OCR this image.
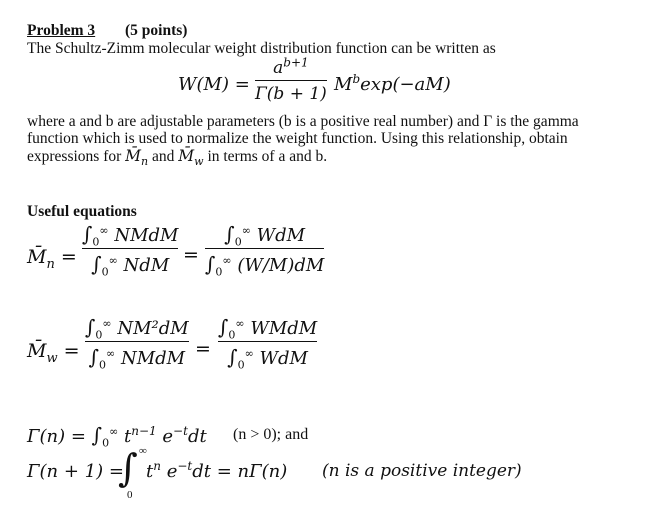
Problem 3 (5 points)
The Schultz-Zimm molecular weight distribution function can be written as
W(M) =
$a^{b+1}$
Γ(b + 1) $M^b\exp(-aM)$
where a and b are adjustable parameters (b is a positive real number) and Γ is the gamma
function which is used to normalize the weight function. Using this relationship, obtain
expressions for $M̄_n$ and $M̄_w$ in terms of a and b.
Useful equations
$M̄_n$ =
$\int_0^\infty$ NMdM
$\int_0^\infty$ NdM =
$\int_0^\infty$ WdM
$\int_0^\infty$ (W/M)dM
$M̄_w$ =
$\int_0^\infty$ NM²dM
$\int_0^\infty$ NMdM =
$\int_0^\infty$ WMdM
$\int_0^\infty$ WdM
$\Gamma(n) = \int_0^\infty$ $t^{n-1}$ $e^{-t}dt$ (n > 0); and
Γ(n + 1) =
∫ ∞
0
$t^n$ $e^{-t}dt = n\Gamma(n)$ (n is a positive integer)
